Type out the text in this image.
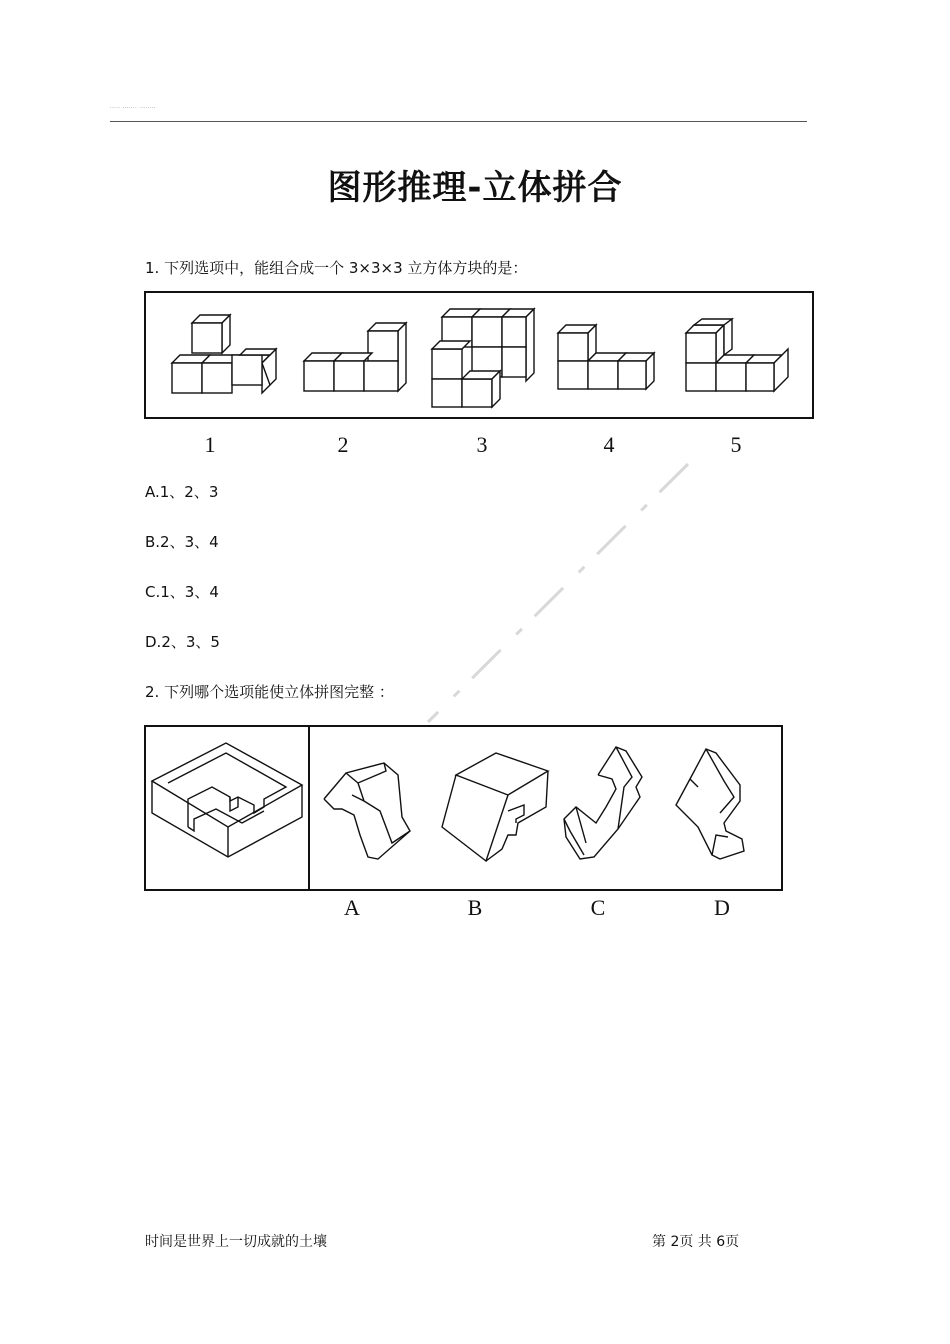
..... ....... ........
图形推理-立体拼合
1. 下列选项中，能组合成一个 3×3×3 立方体方块的是：
1	2	3	4	5
A.1、2、3
B.2、3、4
C.1、3、4
D.2、3、5
2. 下列哪个选项能使立体拼图完整 ：
A	B	C	D
时间是世界上一切成就的土壤	第 2页 共 6页
